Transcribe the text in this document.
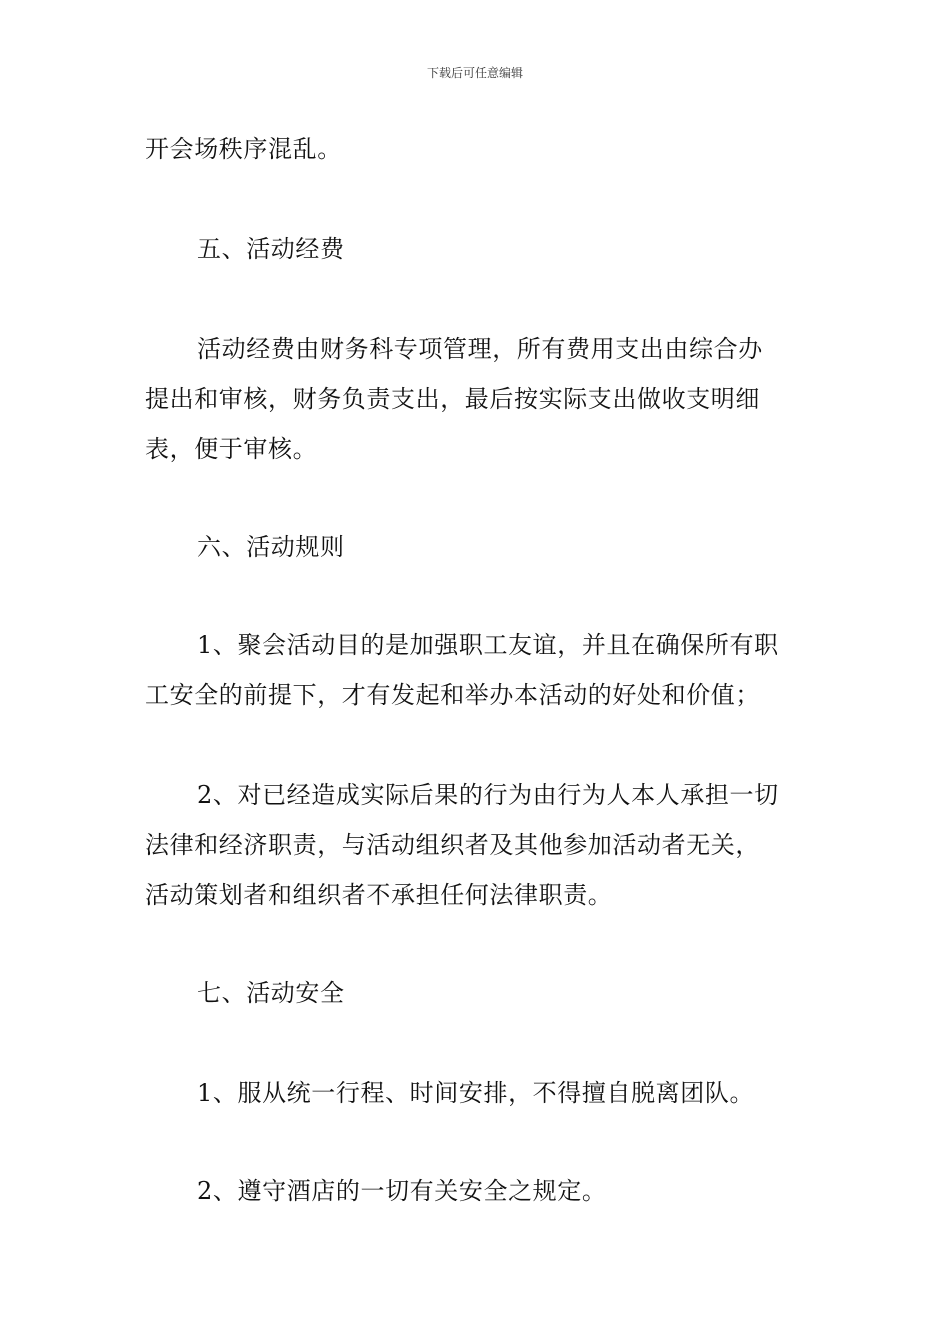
下载后可任意编辑
开会场秩序混乱。
五、活动经费
活动经费由财务科专项管理，所有费用支出由综合办
提出和审核，财务负责支出，最后按实际支出做收支明细
表，便于审核。
六、活动规则
1、聚会活动目的是加强职工友谊，并且在确保所有职
工安全的前提下，才有发起和举办本活动的好处和价值；
2、对已经造成实际后果的行为由行为人本人承担一切
法律和经济职责，与活动组织者及其他参加活动者无关，
活动策划者和组织者不承担任何法律职责。
七、活动安全
1、服从统一行程、时间安排，不得擅自脱离团队。
2、遵守酒店的一切有关安全之规定。
